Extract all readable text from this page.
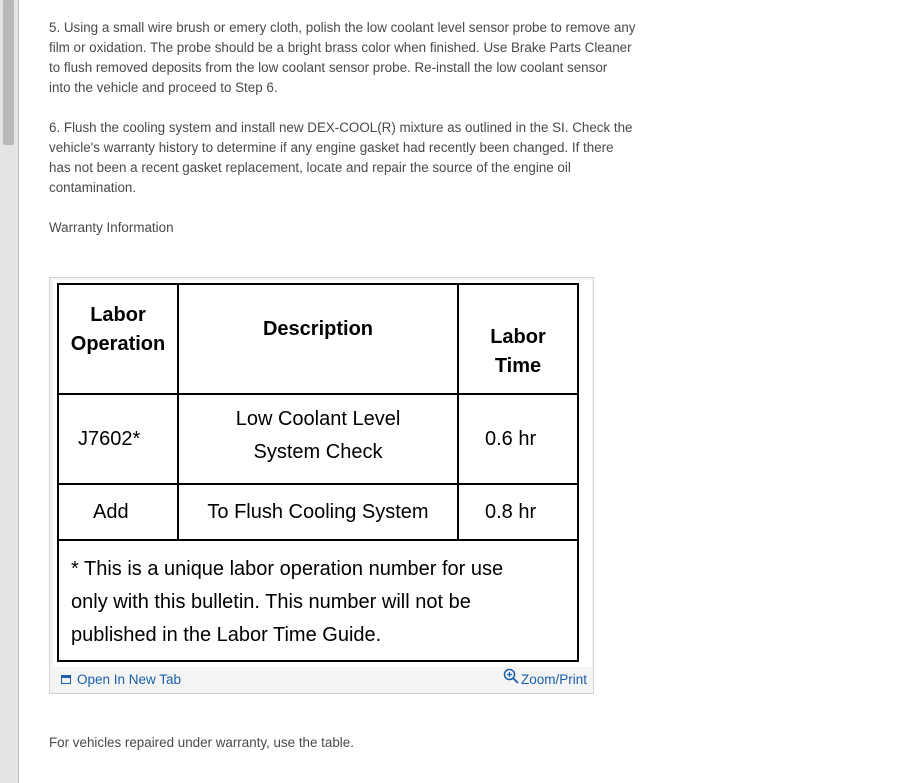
5. Using a small wire brush or emery cloth, polish the low coolant level sensor probe to remove any
film or oxidation. The probe should be a bright brass color when finished. Use Brake Parts Cleaner
to flush removed deposits from the low coolant sensor probe. Re-install the low coolant sensor
into the vehicle and proceed to Step 6.

6. Flush the cooling system and install new DEX-COOL(R) mixture as outlined in the SI. Check the
vehicle's warranty history to determine if any engine gasket had recently been changed. If there
has not been a recent gasket replacement, locate and repair the source of the engine oil
contamination.

Warranty Information

Labor
Operation	Description	Labor
Time
J7602*	Low Coolant Level
System Check	0.6 hr
Add	To Flush Cooling System	0.8 hr
* This is a unique labor operation number for use
only with this bulletin. This number will not be
published in the Labor Time Guide.		
Open In New Tab	Zoom/Print
For vehicles repaired under warranty, use the table.
